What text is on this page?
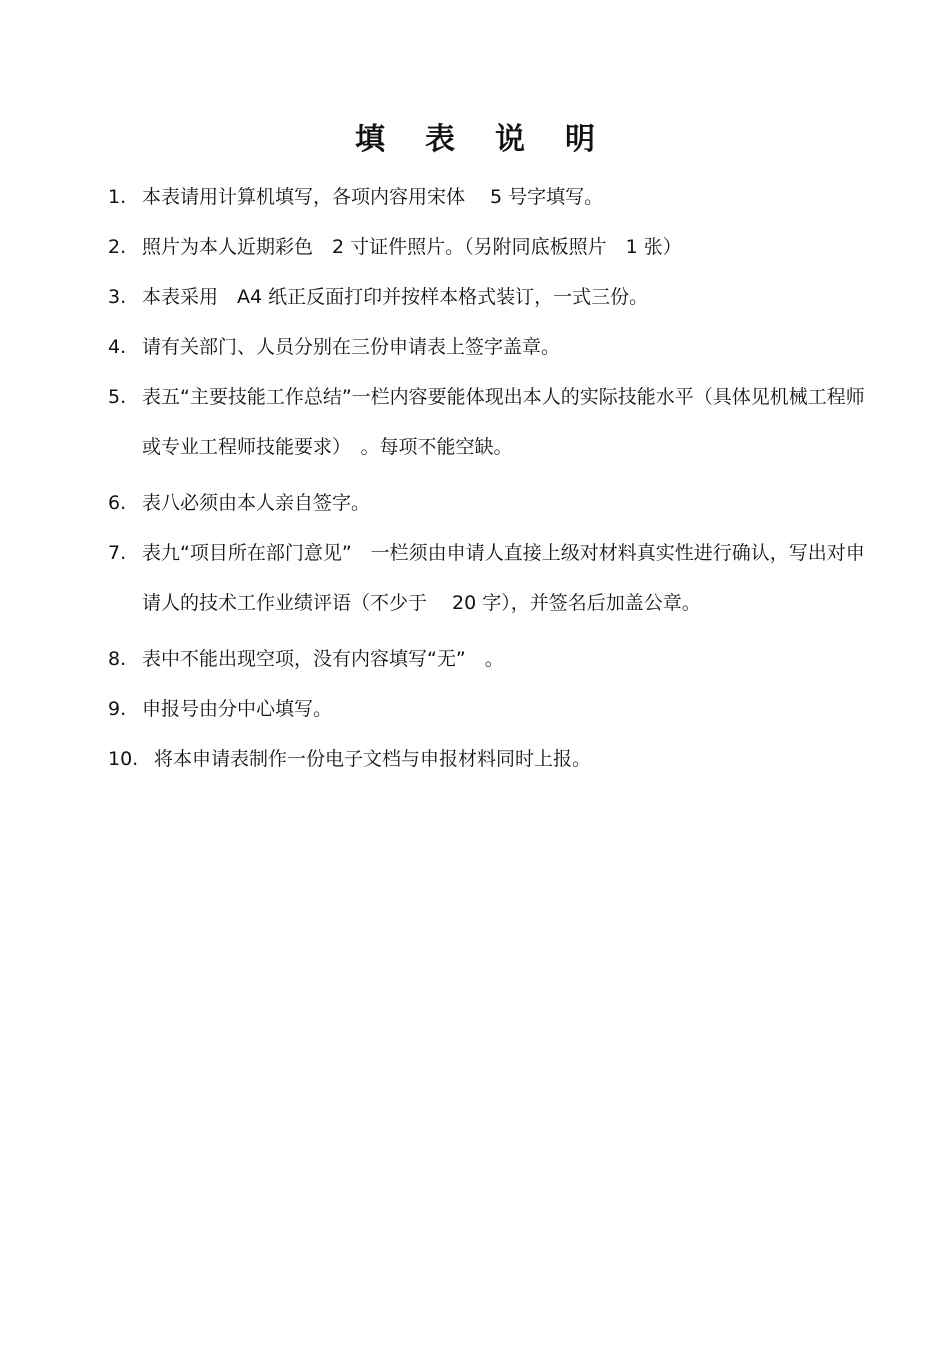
填 表 说 明
1. 本表请用计算机填写，各项内容用宋体　 5 号字填写。
2. 照片为本人近期彩色　2 寸证件照片。（另附同底板照片　1 张）
3. 本表采用　A4 纸正反面打印并按样本格式装订，一式三份。
4. 请有关部门、人员分别在三份申请表上签字盖章。
5. 表五“主要技能工作总结”一栏内容要能体现出本人的实际技能水平（具体见机械工程师或专业工程师技能要求）　。每项不能空缺。
6. 表八必须由本人亲自签字。
7. 表九“项目所在部门意见”　一栏须由申请人直接上级对材料真实性进行确认，写出对申请人的技术工作业绩评语（不少于　 20 字），并签名后加盖公章。
8. 表中不能出现空项，没有内容填写“无”　。
9. 申报号由分中心填写。
10. 将本申请表制作一份电子文档与申报材料同时上报。
